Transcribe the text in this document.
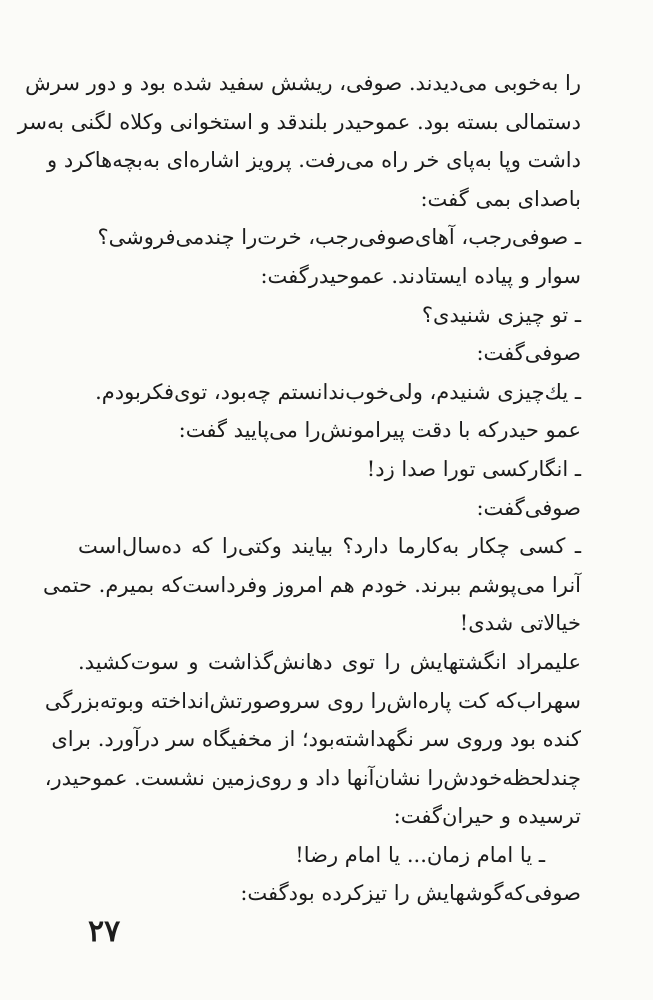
را به‌خوبی می‌دیدند. صوفی، ریشش سفید شده بود و دور سرش
دستمالی بسته بود. عموحیدر بلندقد و استخوانی وکلاه لگنی به‌سر
داشت وپا به‌پای خر راه می‌رفت. پرویز اشاره‌ای به‌بچه‌هاکرد و
باصدای بمی گفت:
ـ صوفی‌رجب، آهای‌صوفی‌رجب، خرت‌را چندمی‌فروشی؟
سوار و پیاده ایستادند. عموحیدرگفت:
ـ تو چیزی شنیدی؟
صوفی‌گفت:
ـ یك‌چیزی شنیدم، ولی‌خوب‌ندانستم چه‌بود، توی‌فکر‌بودم.
عمو حیدرکه با دقت پیرامونش‌را می‌پایید گفت:
ـ انگارکسی تورا صدا زد!
صوفی‌گفت:
ـ کسی چکار به‌کارما دارد؟ بیایند وکتی‌را که ده‌سال‌است
آنرا می‌پوشم ببرند. خودم هم امروز وفرداست‌که بمیرم. حتمی
خیالاتی شدی!
علیمراد انگشتهایش را توی دهانش‌گذاشت و سوت‌کشید.
سهراب‌که کت پاره‌اش‌را روی سروصورتش‌انداخته وبوته‌بزرگی
کنده بود وروی سر نگهداشته‌بود؛ از مخفیگاه سر درآورد. برای
چندلحظه‌خودش‌را نشان‌آنها داد و روی‌زمین نشست. عموحیدر،
ترسیده و حیران‌گفت:
ـ یا امام زمان... یا امام رضا!
صوفی‌که‌گوشهایش را تیزکرده بودگفت:
۲۷
